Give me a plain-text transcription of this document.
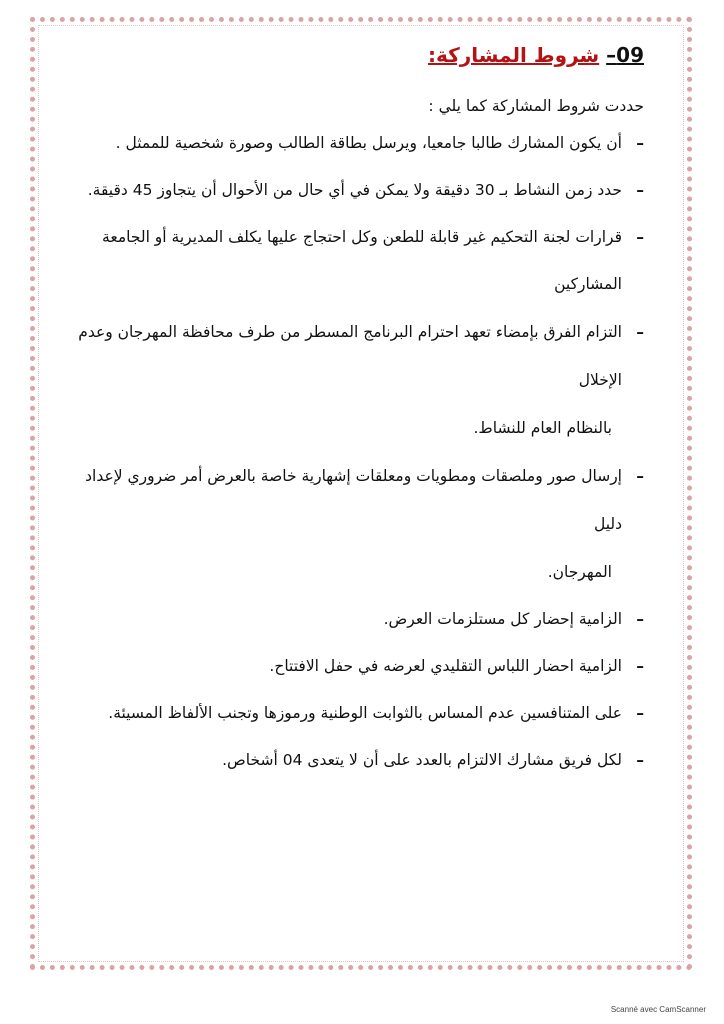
09– شروط المشاركة:
حددت شروط المشاركة كما يلي :
–
أن يكون المشارك طالبا جامعيا، ويرسل بطاقة الطالب وصورة شخصية للممثل .
–
حدد زمن النشاط بـ 30 دقيقة ولا يمكن في أي حال من الأحوال أن يتجاوز 45 دقيقة.
–
قرارات لجنة التحكيم غير قابلة للطعن وكل احتجاج عليها يكلف المديرية أو الجامعة المشاركين
–
التزام الفرق بإمضاء تعهد احترام البرنامج المسطر من طرف محافظة المهرجان وعدم الإخلال
بالنظام العام للنشاط.
–
إرسال صور وملصقات ومطويات ومعلقات إشهارية خاصة بالعرض أمر ضروري لإعداد دليل
المهرجان.
–
الزامية إحضار كل مستلزمات العرض.
–
الزامية احضار اللباس التقليدي لعرضه في حفل الافتتاح.
–
على المتنافسين عدم المساس بالثوابت الوطنية ورموزها وتجنب الألفاظ المسيئة.
–
لكل فريق مشارك الالتزام بالعدد على أن لا يتعدى 04 أشخاص.
Scanné avec CamScanner
